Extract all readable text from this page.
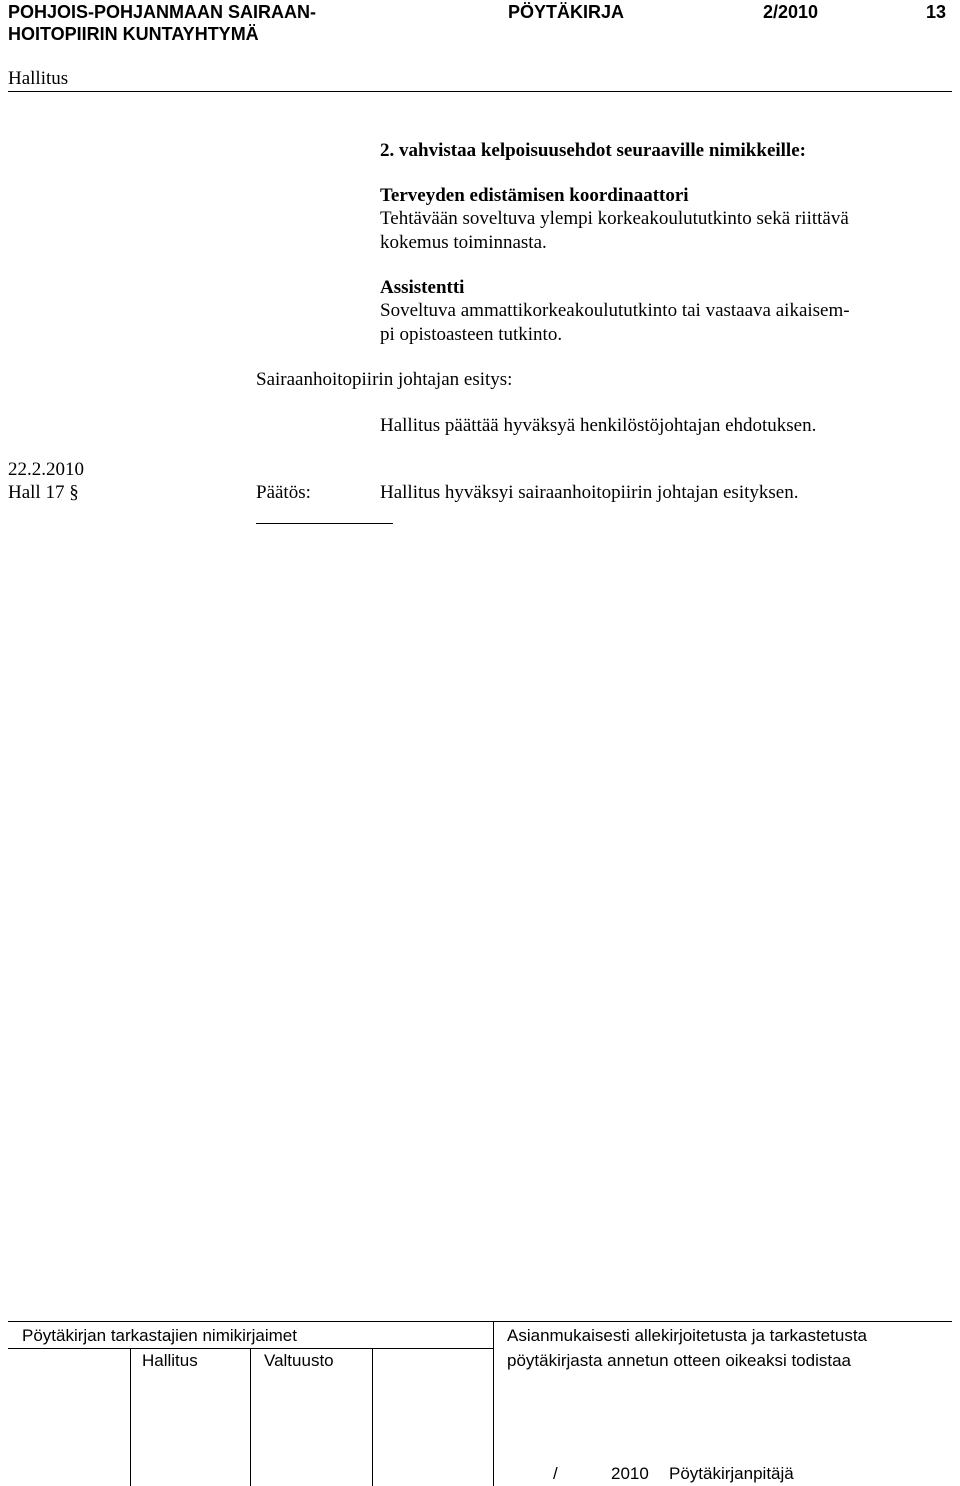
POHJOIS-POHJANMAAN SAIRAAN-
HOITOPIIRIN KUNTAYHTYMÄ
PÖYTÄKIRJA	2/2010	13
Hallitus
2. vahvistaa kelpoisuusehdot seuraaville nimikkeille:
Terveyden edistämisen koordinaattori
Tehtävään soveltuva ylempi korkeakoulututkinto sekä riittävä
kokemus toiminnasta.
Assistentti
Soveltuva ammattikorkeakoulututkinto tai vastaava aikaisem-
pi opistoasteen tutkinto.
Sairaanhoitopiirin johtajan esitys:
Hallitus päättää hyväksyä henkilöstöjohtajan ehdotuksen.
22.2.2010
Hall 17 §	Päätös:	Hallitus hyväksyi sairaanhoitopiirin johtajan esityksen.
Pöytäkirjan tarkastajien nimikirjaimet
Hallitus	Valtuusto
Asianmukaisesti allekirjoitetusta ja tarkastetusta
pöytäkirjasta annetun otteen oikeaksi todistaa
/	2010 Pöytäkirjanpitäjä
